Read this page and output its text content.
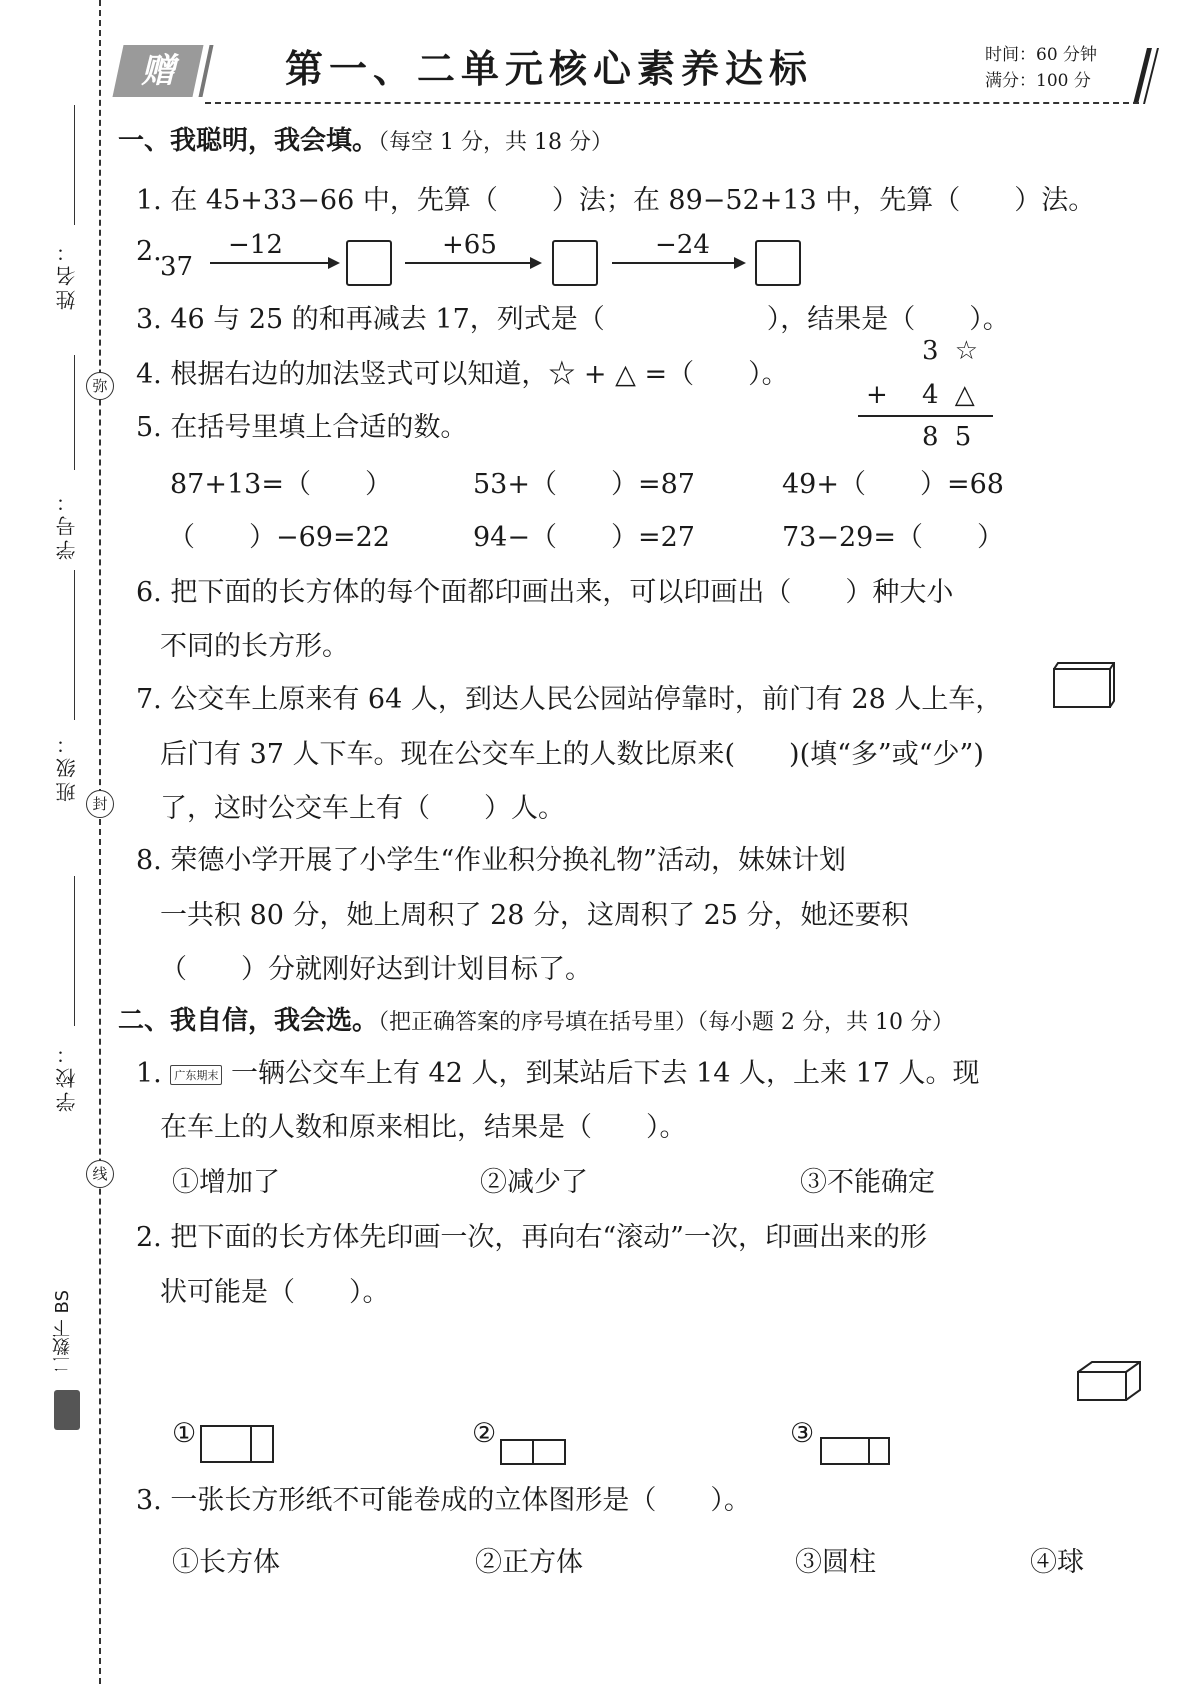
姓名：
弥
学号：
班级：
封
学校：
线
二数下 BS
赠	第一、二单元核心素养达标	时间：60 分钟
满分：100 分
一、我聪明，我会填。（每空 1 分，共 18 分）
1. 在 45+33−66 中，先算（　　）法；在 89−52+13 中，先算（　　）法。
2.
37
−12	+65	−24
3. 46 与 25 的和再减去 17，列式是（　　　　　　），结果是（　　）。
4. 根据右边的加法竖式可以知道，☆ + △ =（　　）。
3 ☆
+ 4 △
8 5
5. 在括号里填上合适的数。
87+13=（　　）	53+（　　）=87	49+（　　）=68
（　　）−69=22	94−（　　）=27	73−29=（　　）
6. 把下面的长方体的每个面都印画出来，可以印画出（　　）种大小
不同的长方形。
7. 公交车上原来有 64 人，到达人民公园站停靠时，前门有 28 人上车，
后门有 37 人下车。现在公交车上的人数比原来(　　)(填“多”或“少”)
了，这时公交车上有（　　）人。
8. 荣德小学开展了小学生“作业积分换礼物”活动，妹妹计划
一共积 80 分，她上周积了 28 分，这周积了 25 分，她还要积
（　　）分就刚好达到计划目标了。
二、我自信，我会选。（把正确答案的序号填在括号里）（每小题 2 分，共 10 分）
1. 广东期末 一辆公交车上有 42 人，到某站后下去 14 人，上来 17 人。现
在车上的人数和原来相比，结果是（　　）。
①增加了	②减少了	③不能确定
2. 把下面的长方体先印画一次，再向右“滚动”一次，印画出来的形
状可能是（　　）。
①	②	③
3. 一张长方形纸不可能卷成的立体图形是（　　）。
①长方体	②正方体	③圆柱	④球
